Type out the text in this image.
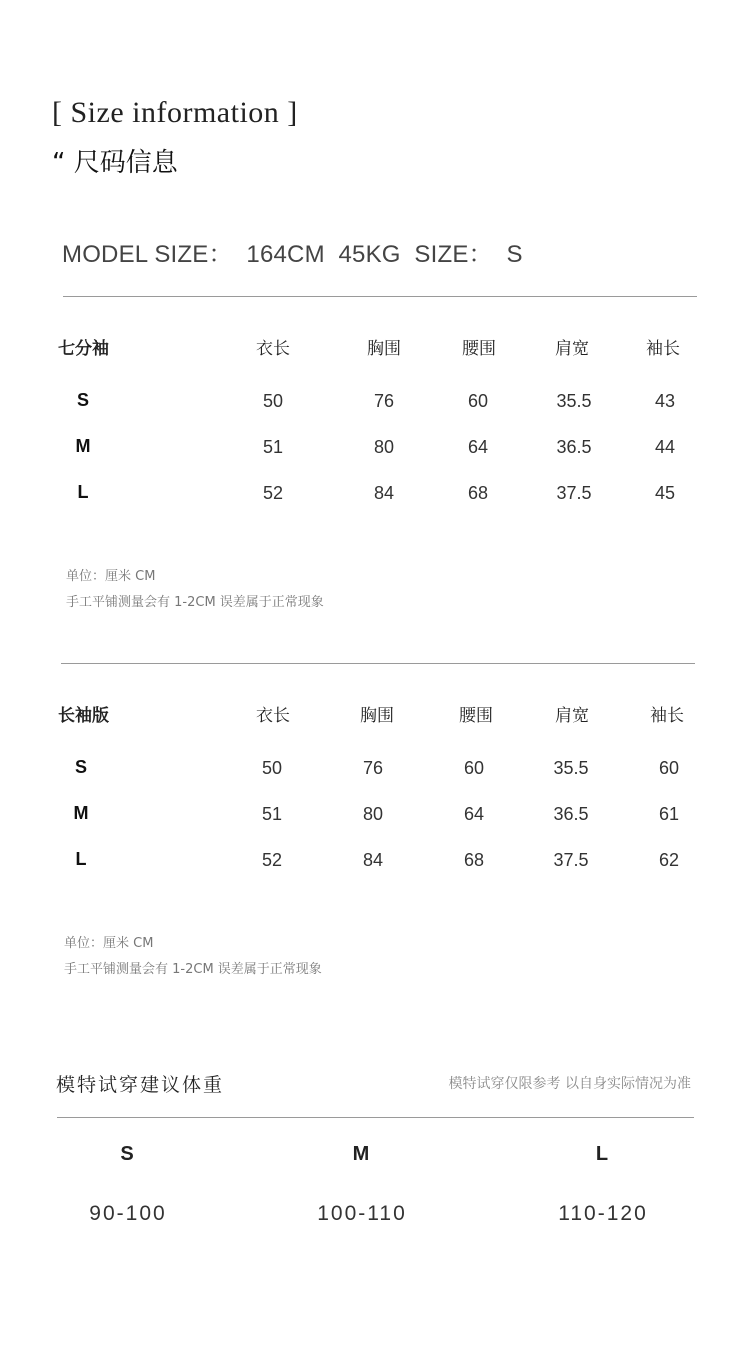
[ Size information ]
“ 尺码信息
MODEL SIZE：  164CM  45KG  SIZE：  S
七分袖	衣长	胸围	腰围	肩宽	袖长
S	50	76	60	35.5	43
M	51	80	64	36.5	44
L	52	84	68	37.5	45
单位：厘米 CM
手工平铺测量会有 1-2CM 误差属于正常现象
长袖版	衣长	胸围	腰围	肩宽	袖长
S	50	76	60	35.5	60
M	51	80	64	36.5	61
L	52	84	68	37.5	62
单位：厘米 CM
手工平铺测量会有 1-2CM 误差属于正常现象
模特试穿建议体重	模特试穿仅限参考 以自身实际情况为准
S	M	L
90-100	100-110	110-120
